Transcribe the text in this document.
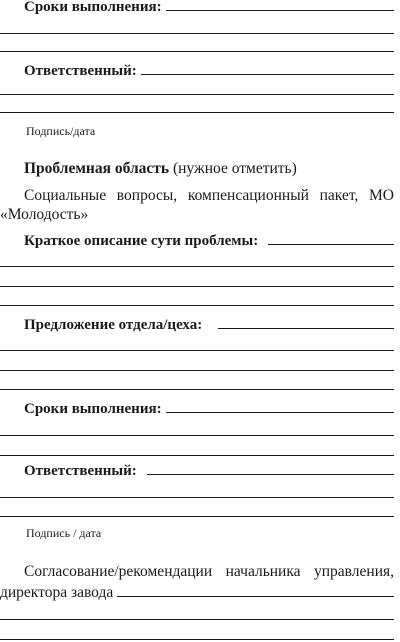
Сроки выполнения:
Ответственный:
Подпись/дата
Проблемная область (нужное отметить)
Социальные вопросы, компенсационный пакет, МО
«Молодость»
Краткое описание сути проблемы:
Предложение отдела/цеха:
Сроки выполнения:
Ответственный:
Подпись / дата
Согласование/рекомендации начальника управления,
директора завода
